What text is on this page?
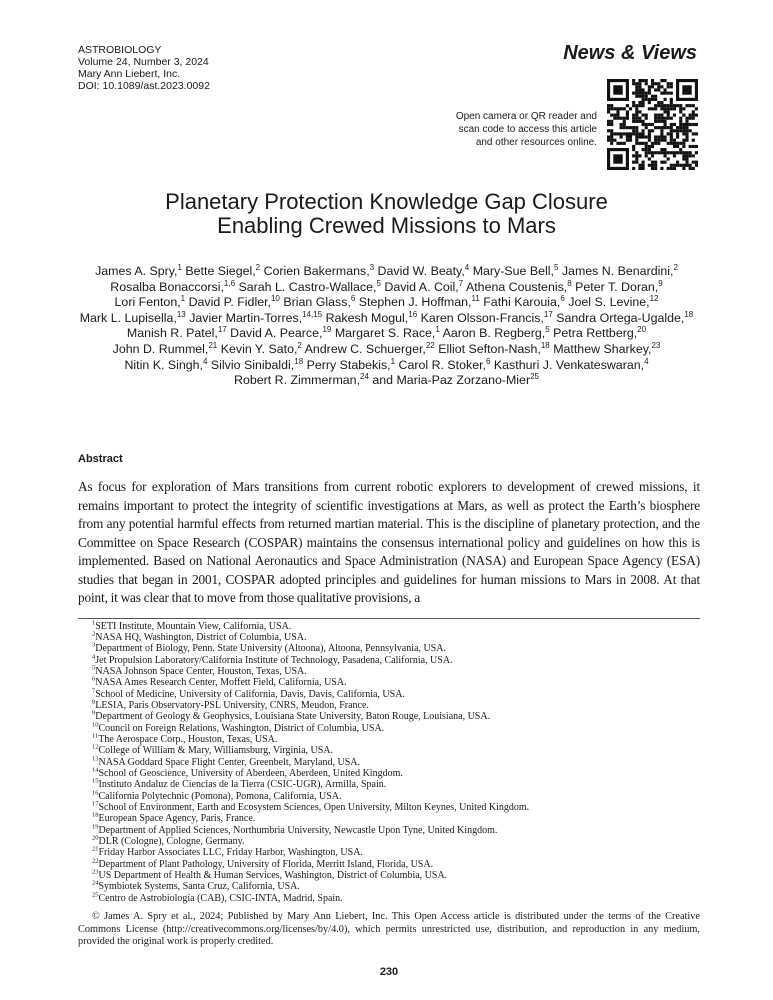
ASTROBIOLOGY
Volume 24, Number 3, 2024
Mary Ann Liebert, Inc.
DOI: 10.1089/ast.2023.0092
News & Views
Open camera or QR reader and
scan code to access this article
and other resources online.
Planetary Protection Knowledge Gap Closure
Enabling Crewed Missions to Mars
James A. Spry,$^1$ Bette Siegel,$^2$ Corien Bakermans,$^3$ David W. Beaty,$^4$ Mary-Sue Bell,$^5$ James N. Benardini,$^2$
Rosalba Bonaccorsi,$^{1,6}$ Sarah L. Castro-Wallace,$^5$ David A. Coil,$^7$ Athena Coustenis,$^8$ Peter T. Doran,$^9$
Lori Fenton,$^1$ David P. Fidler,$^{10}$ Brian Glass,$^6$ Stephen J. Hoffman,$^{11}$ Fathi Karouia,$^6$ Joel S. Levine,$^{12}$
Mark L. Lupisella,$^{13}$ Javier Martin-Torres,$^{14,15}$ Rakesh Mogul,$^{16}$ Karen Olsson-Francis,$^{17}$ Sandra Ortega-Ugalde,$^{18}$
Manish R. Patel,$^{17}$ David A. Pearce,$^{19}$ Margaret S. Race,$^1$ Aaron B. Regberg,$^5$ Petra Rettberg,$^{20}$
John D. Rummel,$^{21}$ Kevin Y. Sato,$^2$ Andrew C. Schuerger,$^{22}$ Elliot Sefton-Nash,$^{18}$ Matthew Sharkey,$^{23}$
Nitin K. Singh,$^4$ Silvio Sinibaldi,$^{18}$ Perry Stabekis,$^1$ Carol R. Stoker,$^6$ Kasthuri J. Venkateswaran,$^4$
Robert R. Zimmerman,$^{24}$ and Maria-Paz Zorzano-Mier$^{25}$
Abstract
As focus for exploration of Mars transitions from current robotic explorers to development of crewed missions, it remains important to protect the integrity of scientific investigations at Mars, as well as protect the Earth’s biosphere from any potential harmful effects from returned martian material. This is the discipline of planetary protection, and the Committee on Space Research (COSPAR) maintains the consensus international policy and guidelines on how this is implemented. Based on National Aeronautics and Space Administration (NASA) and European Space Agency (ESA) studies that began in 2001, COSPAR adopted principles and guidelines for human missions to Mars in 2008. At that point, it was clear that to move from those qualitative provisions, a
$^1$SETI Institute, Mountain View, California, USA.
$^2$NASA HQ, Washington, District of Columbia, USA.
$^3$Department of Biology, Penn. State University (Altoona), Altoona, Pennsylvania, USA.
$^4$Jet Propulsion Laboratory/California Institute of Technology, Pasadena, California, USA.
$^5$NASA Johnson Space Center, Houston, Texas, USA.
$^6$NASA Ames Research Center, Moffett Field, California, USA.
$^7$School of Medicine, University of California, Davis, Davis, California, USA.
$^8$LESIA, Paris Observatory-PSL University, CNRS, Meudon, France.
$^9$Department of Geology & Geophysics, Louisiana State University, Baton Rouge, Louisiana, USA.
$^{10}$Council on Foreign Relations, Washington, District of Columbia, USA.
$^{11}$The Aerospace Corp., Houston, Texas, USA.
$^{12}$College of William & Mary, Williamsburg, Virginia, USA.
$^{13}$NASA Goddard Space Flight Center, Greenbelt, Maryland, USA.
$^{14}$School of Geoscience, University of Aberdeen, Aberdeen, United Kingdom.
$^{15}$Instituto Andaluz de Ciencias de la Tierra (CSIC-UGR), Armilla, Spain.
$^{16}$California Polytechnic (Pomona), Pomona, California, USA.
$^{17}$School of Environment, Earth and Ecosystem Sciences, Open University, Milton Keynes, United Kingdom.
$^{18}$European Space Agency, Paris, France.
$^{19}$Department of Applied Sciences, Northumbria University, Newcastle Upon Tyne, United Kingdom.
$^{20}$DLR (Cologne), Cologne, Germany.
$^{21}$Friday Harbor Associates LLC, Friday Harbor, Washington, USA.
$^{22}$Department of Plant Pathology, University of Florida, Merritt Island, Florida, USA.
$^{23}$US Department of Health & Human Services, Washington, District of Columbia, USA.
$^{24}$Symbiotek Systems, Santa Cruz, California, USA.
$^{25}$Centro de Astrobiología (CAB), CSIC-INTA, Madrid, Spain.
© James A. Spry et al., 2024; Published by Mary Ann Liebert, Inc. This Open Access article is distributed under the terms of the Creative Commons License (http://creativecommons.org/licenses/by/4.0), which permits unrestricted use, distribution, and reproduction in any medium, provided the original work is properly credited.
230
